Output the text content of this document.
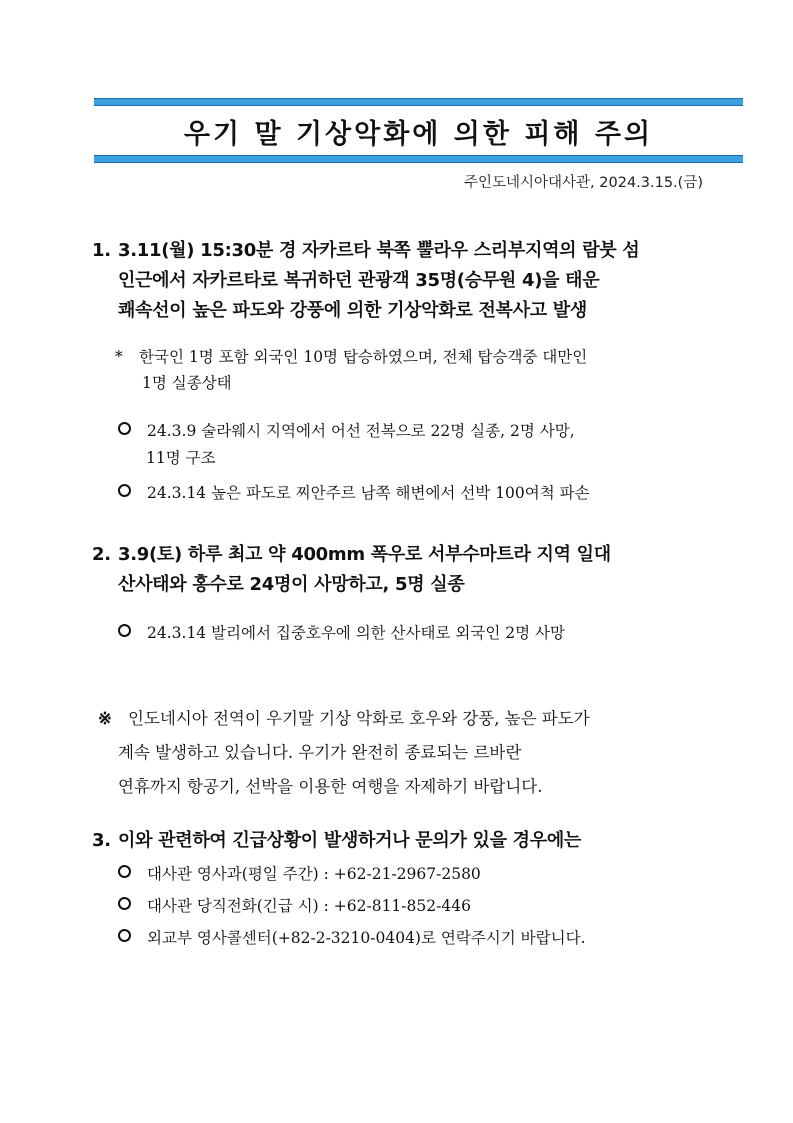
우기 말 기상악화에 의한 피해 주의
주인도네시아대사관, 2024.3.15.(금)
1. 3.11(월) 15:30분 경 자카르타 북쪽 뿔라우 스리부지역의 람붓 섬
인근에서 자카르타로 복귀하던 관광객 35명(승무원 4)을 태운
쾌속선이 높은 파도와 강풍에 의한 기상악화로 전복사고 발생
* 한국인 1명 포함 외국인 10명 탑승하였으며, 전체 탑승객중 대만인
1명 실종상태
24.3.9 술라웨시 지역에서 어선 전복으로 22명 실종, 2명 사망,
11명 구조
24.3.14 높은 파도로 찌안주르 남쪽 해변에서 선박 100여척 파손
2. 3.9(토) 하루 최고 약 400mm 폭우로 서부수마트라 지역 일대
산사태와 홍수로 24명이 사망하고, 5명 실종
24.3.14 발리에서 집중호우에 의한 산사태로 외국인 2명 사망
※ 인도네시아 전역이 우기말 기상 악화로 호우와 강풍, 높은 파도가
계속 발생하고 있습니다. 우기가 완전히 종료되는 르바란
연휴까지 항공기, 선박을 이용한 여행을 자제하기 바랍니다.
3. 이와 관련하여 긴급상황이 발생하거나 문의가 있을 경우에는
대사관 영사과(평일 주간) : +62-21-2967-2580
대사관 당직전화(긴급 시) : +62-811-852-446
외교부 영사콜센터(+82-2-3210-0404)로 연락주시기 바랍니다.
